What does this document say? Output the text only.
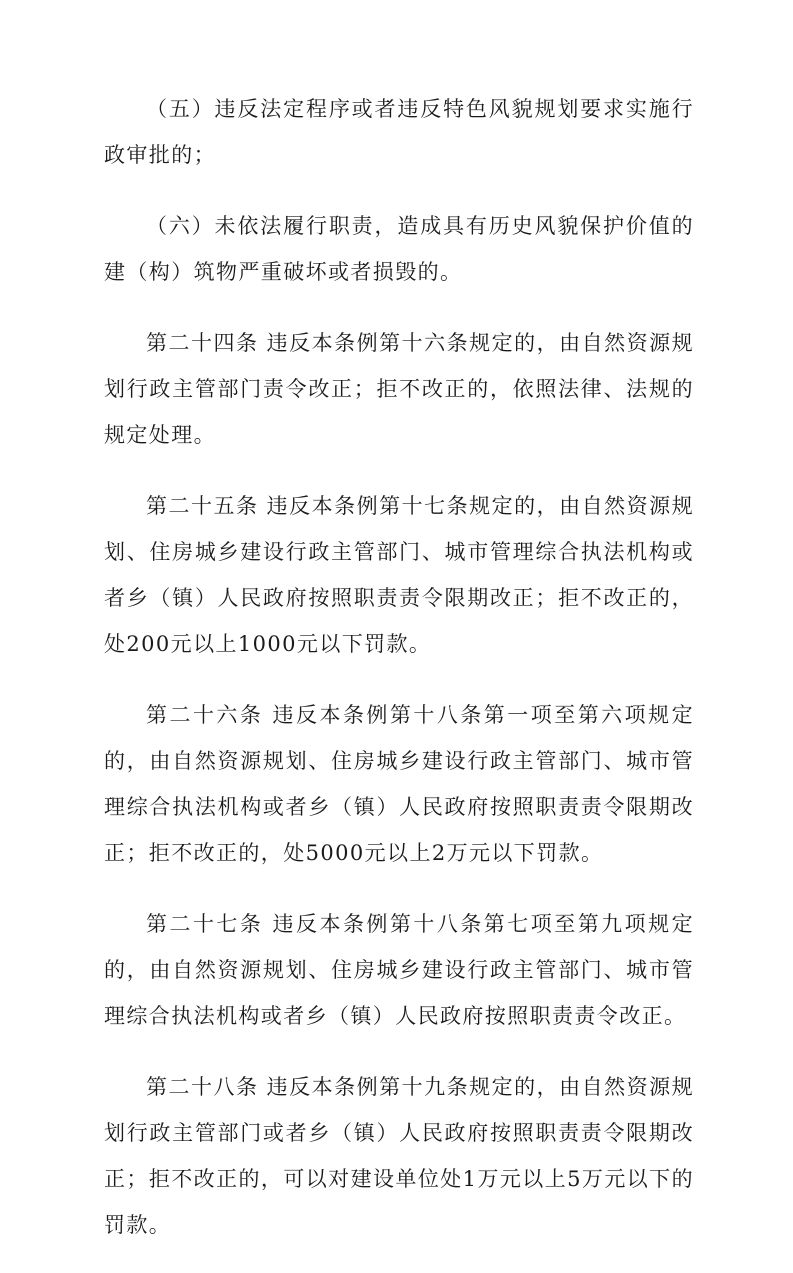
（五）违反法定程序或者违反特色风貌规划要求实施行政审批的；

（六）未依法履行职责，造成具有历史风貌保护价值的建（构）筑物严重破坏或者损毁的。

第二十四条 违反本条例第十六条规定的，由自然资源规划行政主管部门责令改正；拒不改正的，依照法律、法规的规定处理。

第二十五条 违反本条例第十七条规定的，由自然资源规划、住房城乡建设行政主管部门、城市管理综合执法机构或者乡（镇）人民政府按照职责责令限期改正；拒不改正的，处200元以上1000元以下罚款。

第二十六条 违反本条例第十八条第一项至第六项规定的，由自然资源规划、住房城乡建设行政主管部门、城市管理综合执法机构或者乡（镇）人民政府按照职责责令限期改正；拒不改正的，处5000元以上2万元以下罚款。

第二十七条 违反本条例第十八条第七项至第九项规定的，由自然资源规划、住房城乡建设行政主管部门、城市管理综合执法机构或者乡（镇）人民政府按照职责责令改正。

第二十八条 违反本条例第十九条规定的，由自然资源规划行政主管部门或者乡（镇）人民政府按照职责责令限期改正；拒不改正的，可以对建设单位处1万元以上5万元以下的罚款。
